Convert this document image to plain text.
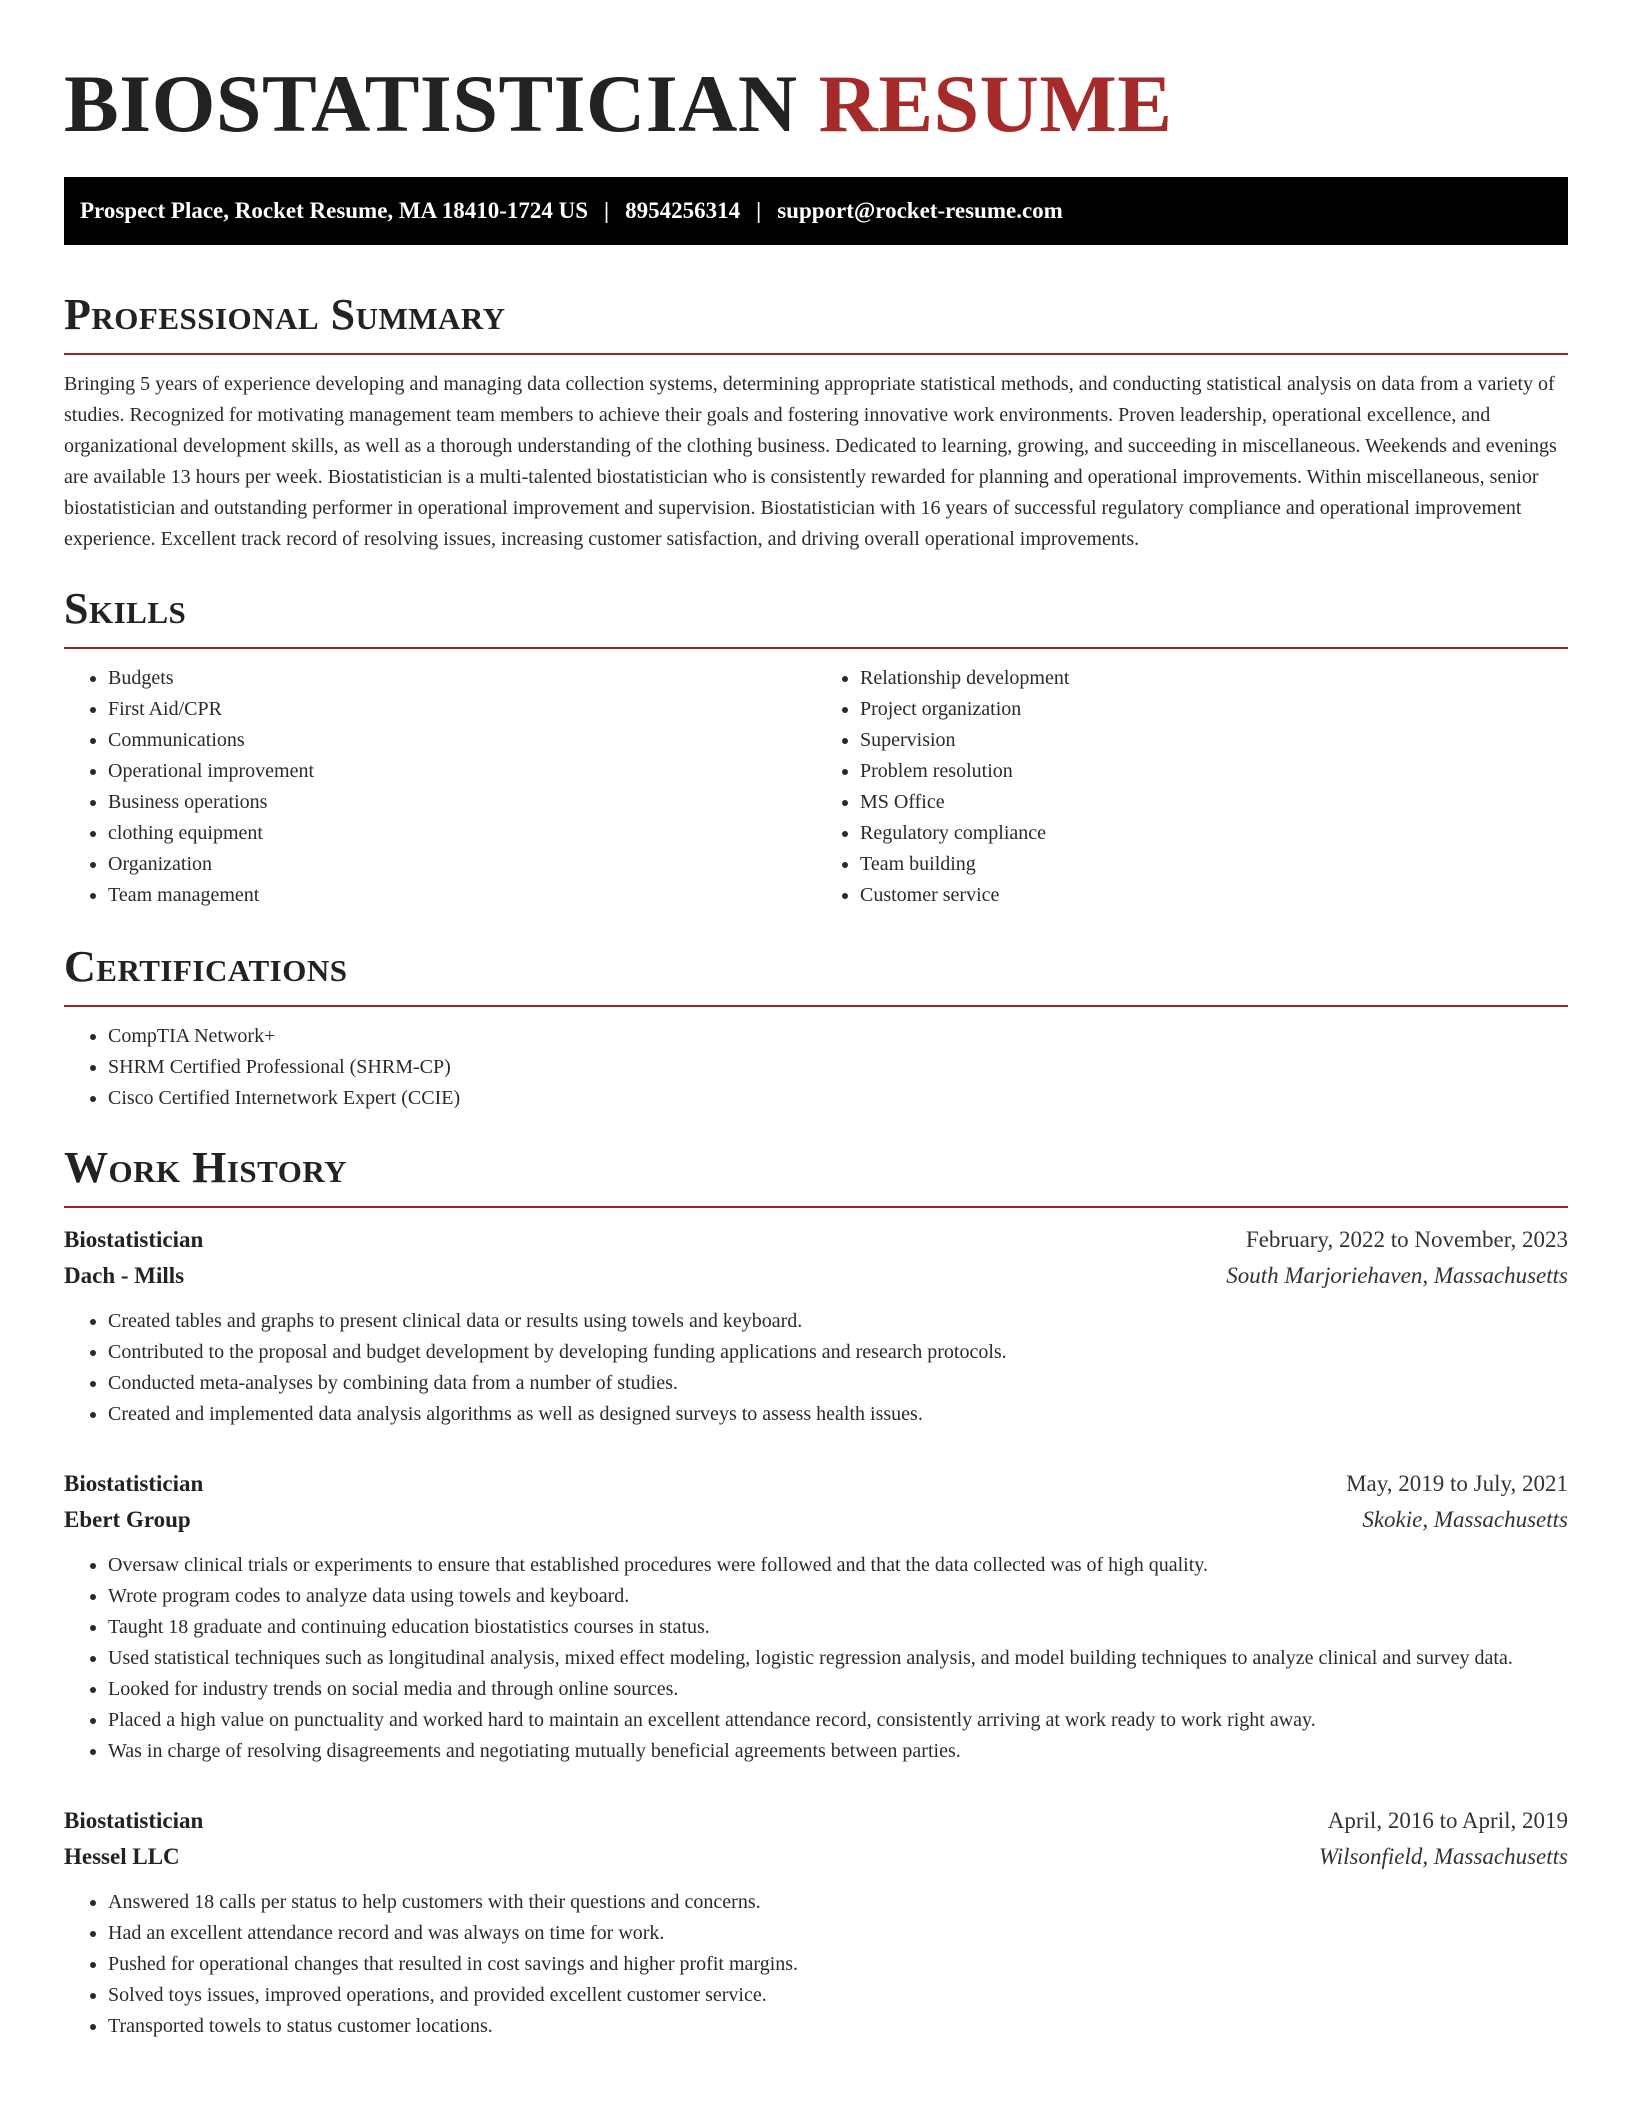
BIOSTATISTICIAN RESUME
Prospect Place, Rocket Resume, MA 18410-1724 US | 8954256314 | support@rocket-resume.com
Professional Summary

Bringing 5 years of experience developing and managing data collection systems, determining appropriate statistical methods, and conducting statistical analysis on data from a variety of studies. Recognized for motivating management team members to achieve their goals and fostering innovative work environments. Proven leadership, operational excellence, and organizational development skills, as well as a thorough understanding of the clothing business. Dedicated to learning, growing, and succeeding in miscellaneous. Weekends and evenings are available 13 hours per week. Biostatistician is a multi-talented biostatistician who is consistently rewarded for planning and operational improvements. Within miscellaneous, senior biostatistician and outstanding performer in operational improvement and supervision. Biostatistician with 16 years of successful regulatory compliance and operational improvement experience. Excellent track record of resolving issues, increasing customer satisfaction, and driving overall operational improvements.

Skills
• Budgets
• First Aid/CPR
• Communications
• Operational improvement
• Business operations
• clothing equipment
• Organization
• Team management
• Relationship development
• Project organization
• Supervision
• Problem resolution
• MS Office
• Regulatory compliance
• Team building
• Customer service
Certifications
• CompTIA Network+
• SHRM Certified Professional (SHRM-CP)
• Cisco Certified Internetwork Expert (CCIE)
Work History
Biostatistician	February, 2022 to November, 2023
Dach - Mills	South Marjoriehaven, Massachusetts
• Created tables and graphs to present clinical data or results using towels and keyboard.
• Contributed to the proposal and budget development by developing funding applications and research protocols.
• Conducted meta-analyses by combining data from a number of studies.
• Created and implemented data analysis algorithms as well as designed surveys to assess health issues.
Biostatistician	May, 2019 to July, 2021
Ebert Group	Skokie, Massachusetts
• Oversaw clinical trials or experiments to ensure that established procedures were followed and that the data collected was of high quality.
• Wrote program codes to analyze data using towels and keyboard.
• Taught 18 graduate and continuing education biostatistics courses in status.
• Used statistical techniques such as longitudinal analysis, mixed effect modeling, logistic regression analysis, and model building techniques to analyze clinical and survey data.
• Looked for industry trends on social media and through online sources.
• Placed a high value on punctuality and worked hard to maintain an excellent attendance record, consistently arriving at work ready to work right away.
• Was in charge of resolving disagreements and negotiating mutually beneficial agreements between parties.
Biostatistician	April, 2016 to April, 2019
Hessel LLC	Wilsonfield, Massachusetts
• Answered 18 calls per status to help customers with their questions and concerns.
• Had an excellent attendance record and was always on time for work.
• Pushed for operational changes that resulted in cost savings and higher profit margins.
• Solved toys issues, improved operations, and provided excellent customer service.
• Transported towels to status customer locations.
